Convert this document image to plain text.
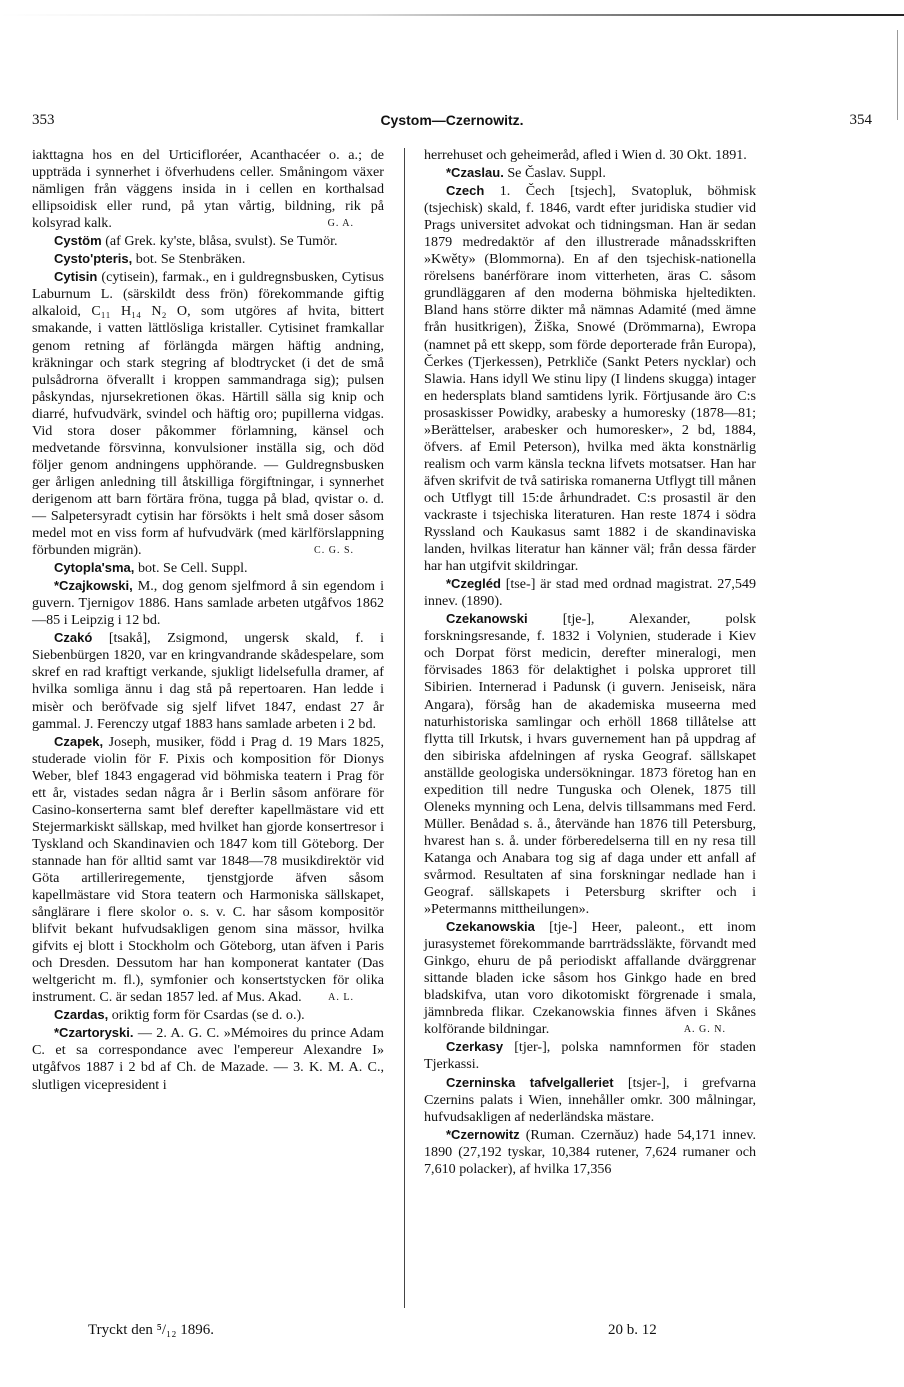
353	Cystom—Czernowitz.	354

iakttagna hos en del Urticifloréer, Acanthacéer o. a.; de uppträda i synnerhet i öfverhudens celler. Småningom växer nämligen från väggens insida in i cellen en korthalsad ellipsoidisk eller rund, på ytan vårtig, bildning, rik på kolsyrad kalk.	G. A.

Cystöm (af Grek. ky'ste, blåsa, svulst). Se Tumör.

Cysto'pteris, bot. Se Stenbräken.

Cytisin (cytisein), farmak., en i guldregnsbusken, Cytisus Laburnum L. (särskildt dess frön) förekommande giftig alkaloid, C₁₁ H₁₄ N₂ O, som utgöres af hvita, bittert smakande, i vatten lättlösliga kristaller. Cytisinet framkallar genom retning af förlängda märgen häftig andning, kräkningar och stark stegring af blodtrycket (i det de små pulsådrorna öfverallt i kroppen sammandraga sig); pulsen påskyndas, njursekretionen ökas. Härtill sälla sig knip och diarré, hufvudvärk, svindel och häftig oro; pupillerna vidgas. Vid stora doser påkommer förlamning, känsel och medvetande försvinna, konvulsioner inställa sig, och död följer genom andningens upphörande. — Guldregnsbusken ger årligen anledning till åtskilliga förgiftningar, i synnerhet derigenom att barn förtära fröna, tugga på blad, qvistar o. d. — Salpetersyradt cytisin har försökts i helt små doser såsom medel mot en viss form af hufvudvärk (med kärlförslappning förbunden migrän).	C. G. S.

Cytopla'sma, bot. Se Cell. Suppl.

*Czajkowski, M., dog genom sjelfmord å sin egendom i guvern. Tjernigov 1886. Hans samlade arbeten utgåfvos 1862—85 i Leipzig i 12 bd.

Czakó [tsakå], Zsigmond, ungersk skald, f. i Siebenbürgen 1820, var en kringvandrande skådespelare, som skref en rad kraftigt verkande, sjukligt lidelsefulla dramer, af hvilka somliga ännu i dag stå på repertoaren. Han ledde i misèr och beröfvade sig sjelf lifvet 1847, endast 27 år gammal. J. Ferenczy utgaf 1883 hans samlade arbeten i 2 bd.

Czapek, Joseph, musiker, född i Prag d. 19 Mars 1825, studerade violin för F. Pixis och komposition för Dionys Weber, blef 1843 engagerad vid böhmiska teatern i Prag för ett år, vistades sedan några år i Berlin såsom anförare för Casino-konserterna samt blef derefter kapellmästare vid ett Stejermarkiskt sällskap, med hvilket han gjorde konsertresor i Tyskland och Skandinavien och 1847 kom till Göteborg. Der stannade han för alltid samt var 1848—78 musikdirektör vid Göta artilleriregemente, tjenstgjorde äfven såsom kapellmästare vid Stora teatern och Harmoniska sällskapet, sånglärare i flere skolor o. s. v. C. har såsom kompositör blifvit bekant hufvudsakligen genom sina mässor, hvilka gifvits ej blott i Stockholm och Göteborg, utan äfven i Paris och Dresden. Dessutom har han komponerat kantater (Das weltgericht m. fl.), symfonier och konsertstycken för olika instrument. C. är sedan 1857 led. af Mus. Akad.	A. L.

Czardas, oriktig form för Csardas (se d. o.).

*Czartoryski. — 2. A. G. C. »Mémoires du prince Adam C. et sa correspondance avec l'empereur Alexandre I» utgåfvos 1887 i 2 bd af Ch. de Mazade. — 3. K. M. A. C., slutligen vicepresident i

herrehuset och geheimeråd, afled i Wien d. 30 Okt. 1891.

*Czaslau. Se Časlav. Suppl.

Czech 1. Čech [tsjech], Svatopluk, böhmisk (tsjechisk) skald, f. 1846, vardt efter juridiska studier vid Prags universitet advokat och tidningsman. Han är sedan 1879 medredaktör af den illustrerade månadsskriften »Kwěty» (Blommorna). En af den tsjechisk-nationella rörelsens banérförare inom vitterheten, äras C. såsom grundläggaren af den moderna böhmiska hjeltedikten. Bland hans större dikter må nämnas Adamité (med ämne från husitkrigen), Žiška, Snowé (Drömmarna), Ewropa (namnet på ett skepp, som förde deporterade från Europa), Čerkes (Tjerkessen), Petrkliče (Sankt Peters nycklar) och Slawia. Hans idyll We stinu lipy (I lindens skugga) intager en hedersplats bland samtidens lyrik. Förtjusande äro C:s prosaskisser Powidky, arabesky a humoresky (1878—81; »Berättelser, arabesker och humoresker», 2 bd, 1884, öfvers. af Emil Peterson), hvilka med äkta konstnärlig realism och varm känsla teckna lifvets motsatser. Han har äfven skrifvit de två satiriska romanerna Utflygt till månen och Utflygt till 15:de århundradet. C:s prosastil är den vackraste i tsjechiska literaturen. Han reste 1874 i södra Ryssland och Kaukasus samt 1882 i de skandinaviska landen, hvilkas literatur han känner väl; från dessa färder har han utgifvit skildringar.

*Czegléd [tse-] är stad med ordnad magistrat. 27,549 innev. (1890).

Czekanowski [tje-], Alexander, polsk forskningsresande, f. 1832 i Volynien, studerade i Kiev och Dorpat först medicin, derefter mineralogi, men förvisades 1863 för delaktighet i polska upproret till Sibirien. Internerad i Padunsk (i guvern. Jeniseisk, nära Angara), försåg han de akademiska museerna med naturhistoriska samlingar och erhöll 1868 tillåtelse att flytta till Irkutsk, i hvars guvernement han på uppdrag af den sibiriska afdelningen af ryska Geograf. sällskapet anställde geologiska undersökningar. 1873 företog han en expedition till nedre Tunguska och Olenek, 1875 till Oleneks mynning och Lena, delvis tillsammans med Ferd. Müller. Benådad s. å., återvände han 1876 till Petersburg, hvarest han s. å. under förberedelserna till en ny resa till Katanga och Anabara tog sig af daga under ett anfall af svårmod. Resultaten af sina forskningar nedlade han i Geograf. sällskapets i Petersburg skrifter och i »Petermanns mittheilungen».

Czekanowskia [tje-] Heer, paleont., ett inom jurasystemet förekommande barrträdssläkte, förvandt med Ginkgo, ehuru de på periodiskt affallande dvärggrenar sittande bladen icke såsom hos Ginkgo hade en bred bladskifva, utan voro dikotomiskt förgrenade i smala, jämnbreda flikar. Czekanowskia finnes äfven i Skånes kolförande bildningar.	A. G. N.

Czerkasy [tjer-], polska namnformen för staden Tjerkassi.

Czerninska tafvelgalleriet [tsjer-], i grefvarna Czernins palats i Wien, innehåller omkr. 300 målningar, hufvudsakligen af nederländska mästare.

*Czernowitz (Ruman. Czernăuz) hade 54,171 innev. 1890 (27,192 tyskar, 10,384 rutener, 7,624 rumaner och 7,610 polacker), af hvilka 17,356

Tryckt den ⁵/₁₂ 1896.	20 b. 12
